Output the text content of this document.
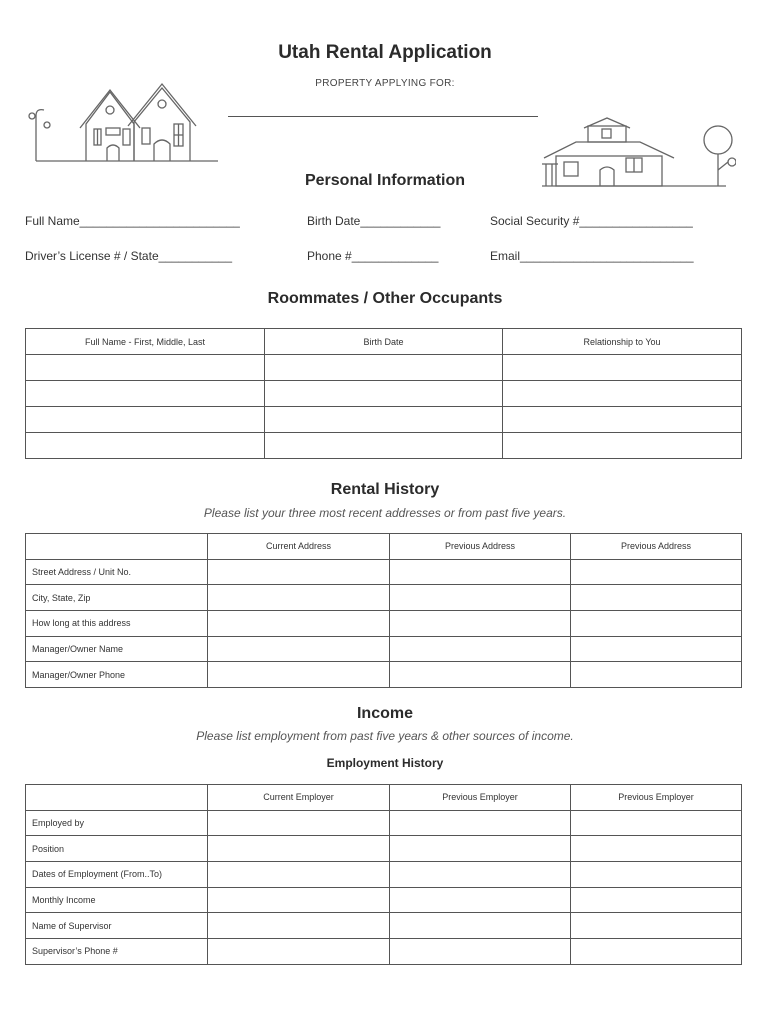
Utah Rental Application
PROPERTY APPLYING FOR:
Personal Information
Full Name________________________	Birth Date____________	Social Security #_________________
Driver’s License # / State___________	Phone #_____________	Email__________________________
Roommates / Other Occupants
Full Name - First, Middle, Last	Birth Date	Relationship to You

Rental History
Please list your three most recent addresses or from past five years.
	Current Address	Previous Address	Previous Address
Street Address / Unit No.			
City, State, Zip			
How long at this address			
Manager/Owner Name			
Manager/Owner Phone			
Income
Please list employment from past five years & other sources of income.
Employment History
	Current Employer	Previous Employer	Previous Employer
Employed by			
Position			
Dates of Employment (From..To)			
Monthly Income			
Name of Supervisor			
Supervisor’s Phone #			
